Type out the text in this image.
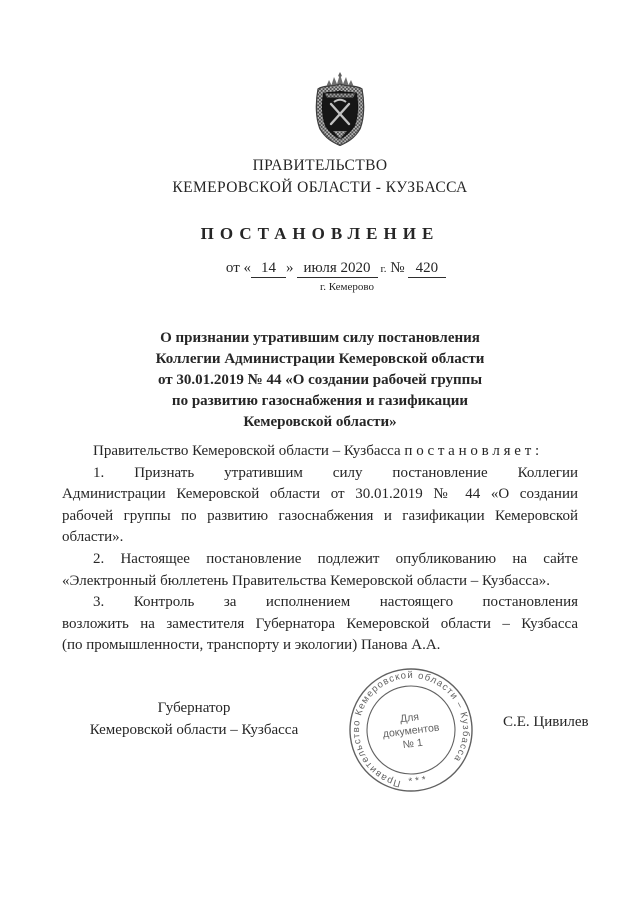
ПРАВИТЕЛЬСТВО
КЕМЕРОВСКОЙ ОБЛАСТИ - КУЗБАССА
ПОСТАНОВЛЕНИЕ
от « 14 » июля 2020 г. № 420
г. Кемерово
О признании утратившим силу постановления
Коллегии Администрации Кемеровской области
от 30.01.2019 № 44 «О создании рабочей группы
по развитию газоснабжения и газификации
Кемеровской области»
Правительство Кемеровской области – Кузбасса п о с т а н о в л я е т :
1. Признать утратившим силу постановление Коллегии
Администрации Кемеровской области от 30.01.2019 № 44 «О создании
рабочей группы по развитию газоснабжения и газификации Кемеровской
области».
2. Настоящее постановление подлежит опубликованию на сайте
«Электронный бюллетень Правительства Кемеровской области – Кузбасса».
3. Контроль за исполнением настоящего постановления
возложить на заместителя Губернатора Кемеровской области – Кузбасса
(по промышленности, транспорту и экологии) Панова А.А.
Губернатор
Кемеровской области – Кузбасса	С.Е. Цивилев
Правительство Кемеровской области – Кузбасса
Для
документов
№ 1
* * *
